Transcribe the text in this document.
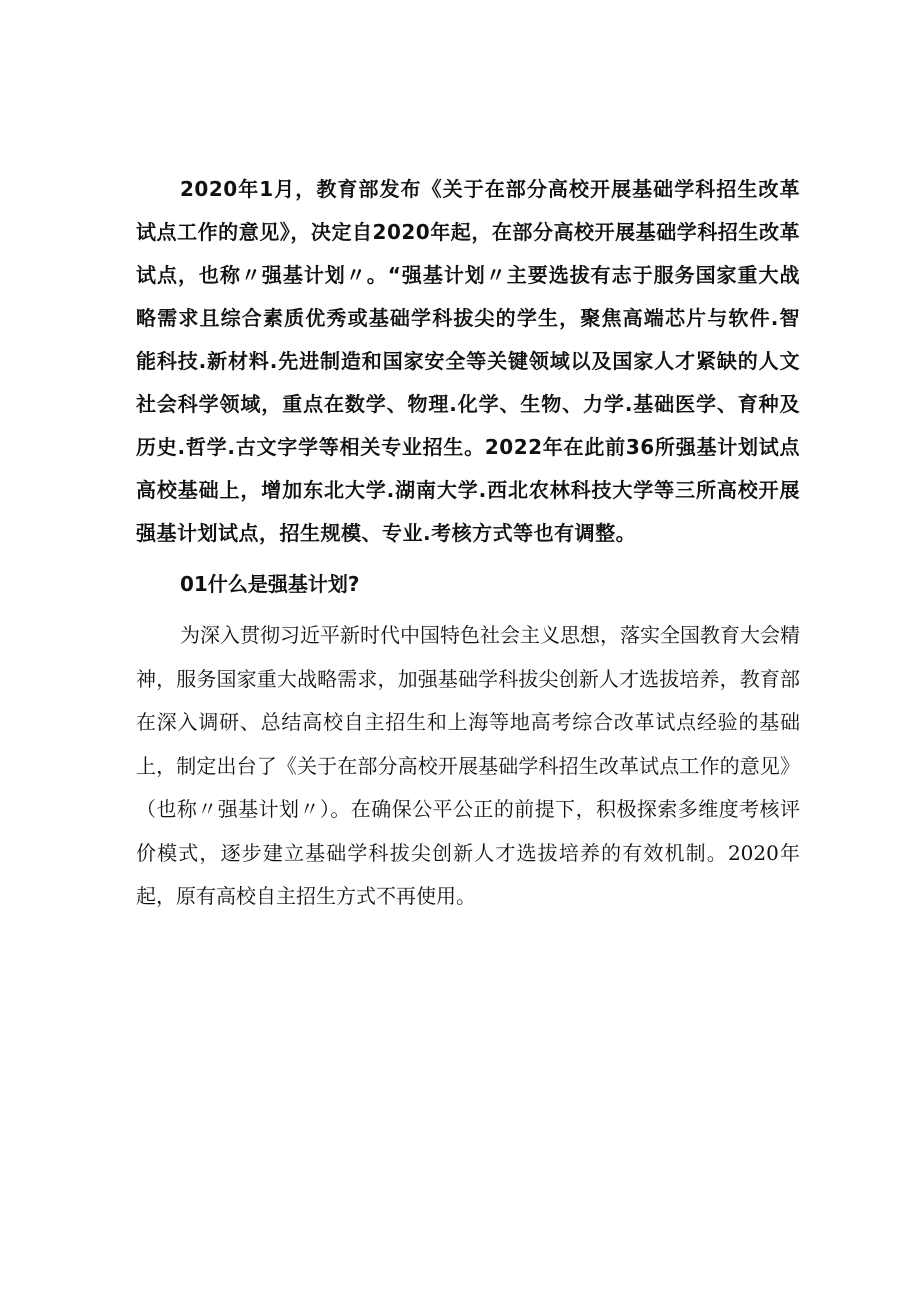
2020年1月，教育部发布《关于在部分高校开展基础学科招生改革试点工作的意见》，决定自2020年起，在部分高校开展基础学科招生改革试点，也称〃强基计划〃。“强基计划〃主要选拔有志于服务国家重大战略需求且综合素质优秀或基础学科拔尖的学生，聚焦高端芯片与软件.智能科技.新材料.先进制造和国家安全等关键领域以及国家人才紧缺的人文社会科学领域，重点在数学、物理.化学、生物、力学.基础医学、育种及历史.哲学.古文字学等相关专业招生。2022年在此前36所强基计划试点高校基础上，增加东北大学.湖南大学.西北农林科技大学等三所高校开展强基计划试点，招生规模、专业.考核方式等也有调整。

01什么是强基计划?

为深入贯彻习近平新时代中国特色社会主义思想，落实全国教育大会精神，服务国家重大战略需求，加强基础学科拔尖创新人才选拔培养，教育部在深入调研、总结高校自主招生和上海等地高考综合改革试点经验的基础上，制定出台了《关于在部分高校开展基础学科招生改革试点工作的意见》（也称〃强基计划〃）。在确保公平公正的前提下，积极探索多维度考核评价模式，逐步建立基础学科拔尖创新人才选拔培养的有效机制。2020年起，原有高校自主招生方式不再使用。
